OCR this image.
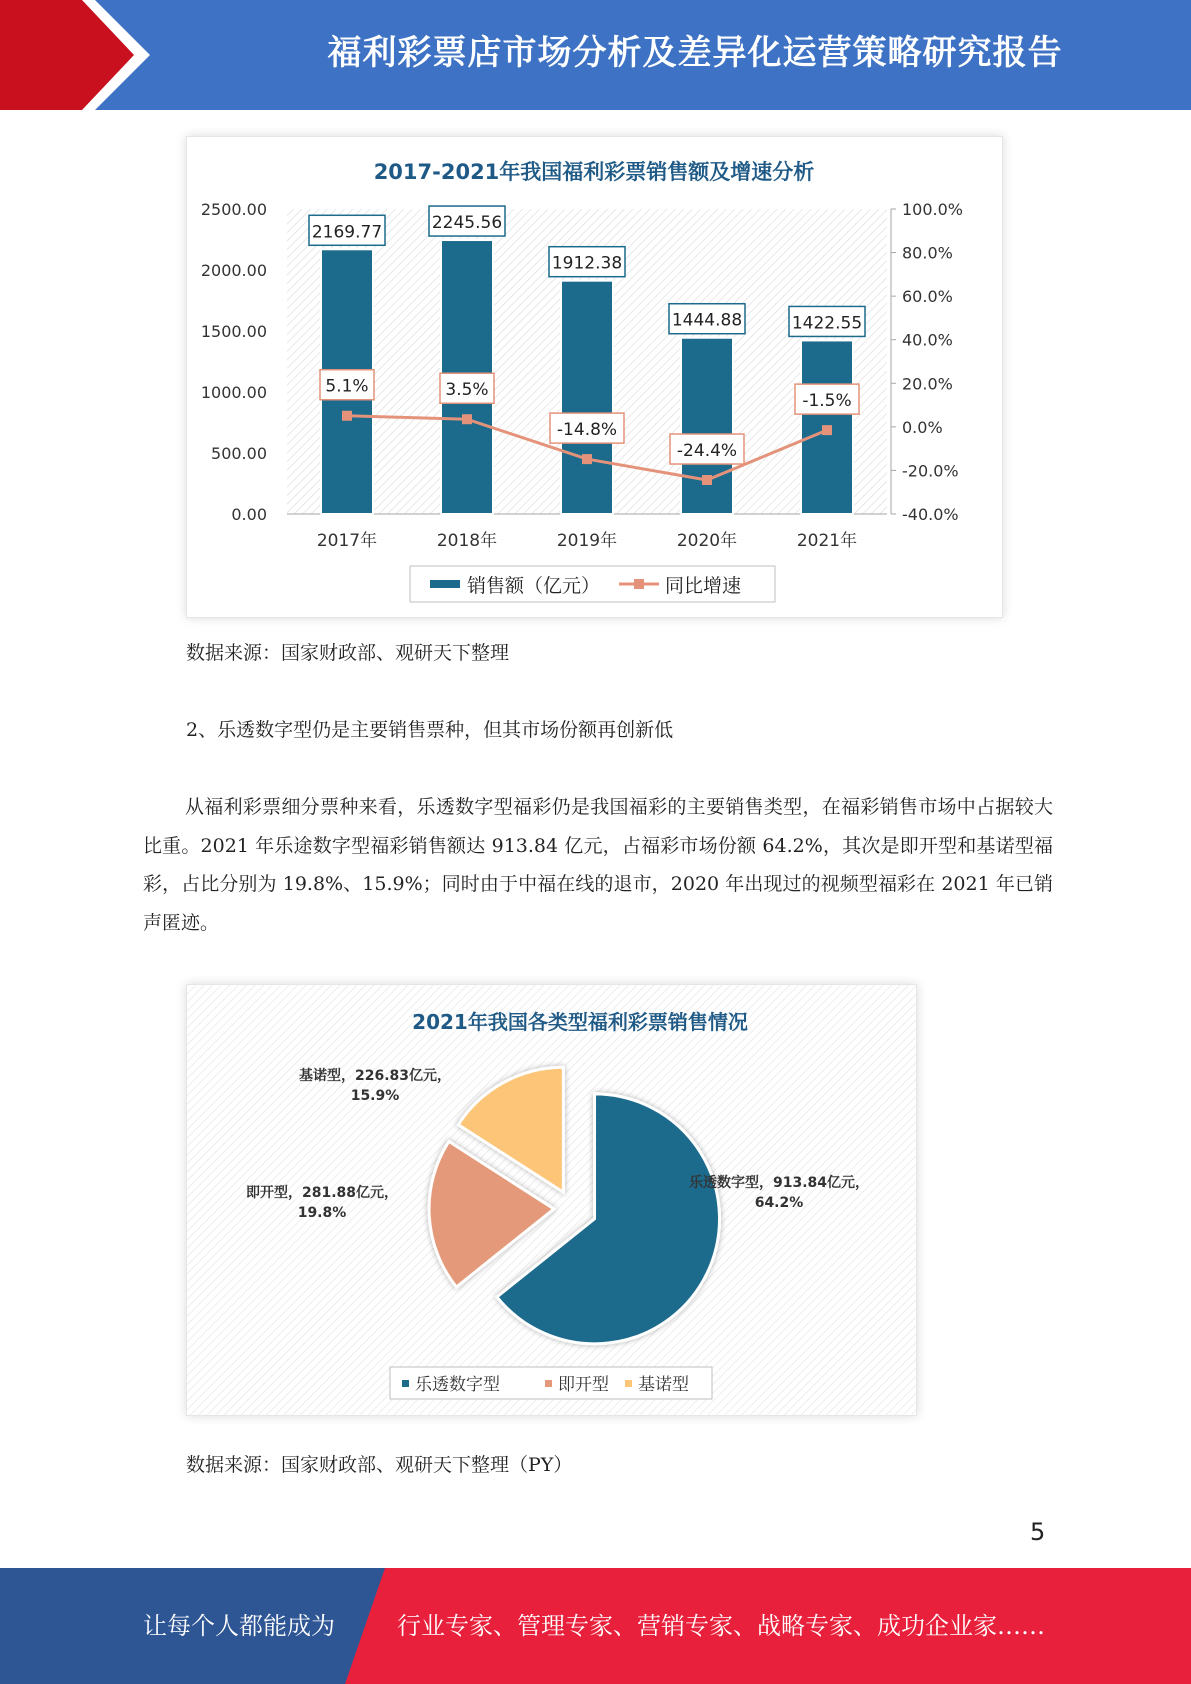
福利彩票店市场分析及差异化运营策略研究报告
2017-2021年我国福利彩票销售额及增速分析
0.00
500.00
1000.00
1500.00
2000.00
2500.00
-40.0%
-20.0%
0.0%
20.0%
40.0%
60.0%
80.0%
100.0%
2017年	2018年	2019年	2020年	2021年
2169.77	2245.56
1912.38
1444.88	1422.55
5.1%	3.5%
-14.8%
-24.4%
-1.5%
销售额（亿元）	同比增速
数据来源：国家财政部、观研天下整理
2、乐透数字型仍是主要销售票种，但其市场份额再创新低
从福利彩票细分票种来看，乐透数字型福彩仍是我国福彩的主要销售类型，在福彩销售市场中占据较大比重。2021 年乐途数字型福彩销售额达 913.84 亿元，占福彩市场份额 64.2%，其次是即开型和基诺型福彩，占比分别为 19.8%、15.9%；同时由于中福在线的退市，2020 年出现过的视频型福彩在 2021 年已销声匿迹。
2021年我国各类型福利彩票销售情况
乐透数字型，913.84亿元，
64.2%
即开型，281.88亿元，
19.8%
基诺型，226.83亿元，
15.9%
乐透数字型	即开型 基诺型
数据来源：国家财政部、观研天下整理（PY）
5
让每个人都能成为	行业专家、管理专家、营销专家、战略专家、成功企业家……
